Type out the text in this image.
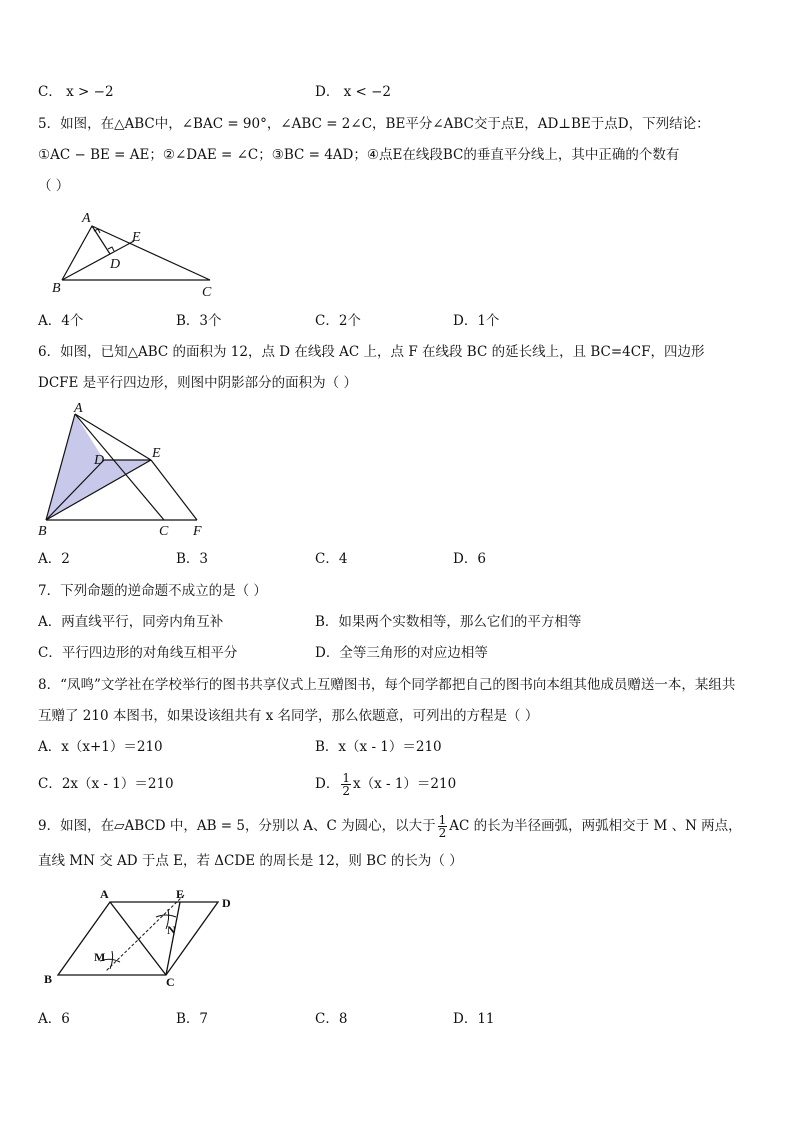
C． x > −2	D． x < −2
5．如图，在△ABC中，∠BAC = 90°，∠ABC = 2∠C，BE平分∠ABC交于点E，AD⊥BE于点D，下列结论：
①AC − BE = AE；②∠DAE = ∠C；③BC = 4AD；④点E在线段BC的垂直平分线上，其中正确的个数有
（ ）
A
E
D
B	C
A．4个	B．3个	C．2个	D．1个
6．如图，已知△ABC 的面积为 12，点 D 在线段 AC 上，点 F 在线段 BC 的延长线上，且 BC=4CF，四边形
DCFE 是平行四边形，则图中阴影部分的面积为（ ）
A
D	E
B	C F
A．2	B．3	C．4	D．6
7．下列命题的逆命题不成立的是（ ）
A．两直线平行，同旁内角互补	B．如果两个实数相等，那么它们的平方相等
C．平行四边形的对角线互相平分	D．全等三角形的对应边相等
8．“凤鸣”文学社在学校举行的图书共享仪式上互赠图书，每个同学都把自己的图书向本组其他成员赠送一本，某组共
互赠了 210 本图书，如果设该组共有 x 名同学，那么依题意，可列出的方程是（ ）
A．x（x+1）＝210	B．x（x - 1）＝210
C．2x（x - 1）＝210	D． $\frac{1}{2} x(x - 1)=210$
9．如图，在▱ABCD 中，AB = 5，分别以 A、C 为圆心，以大于 $\frac{1}{2}$ AC 的长为半径画弧，两弧相交于 M 、N 两点，
直线 MN 交 AD 于点 E，若 ΔCDE 的周长是 12，则 BC 的长为（ ）
A	E
D
N
M
B	C
A．6	B．7	C．8	D．11
